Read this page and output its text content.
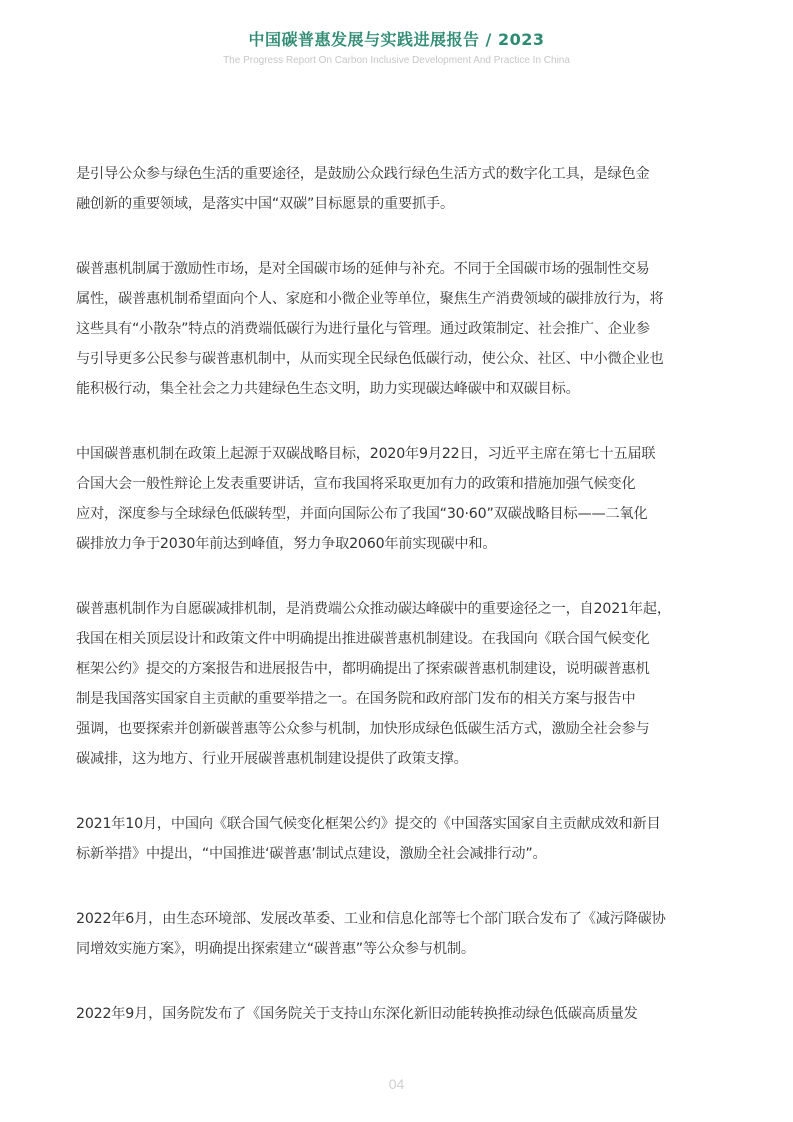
中国碳普惠发展与实践进展报告 / 2023
The Progress Report On Carbon Inclusive Development And Practice In China

是引导公众参与绿色生活的重要途径，是鼓励公众践行绿色生活方式的数字化工具，是绿色金
融创新的重要领域，是落实中国“双碳”目标愿景的重要抓手。

碳普惠机制属于激励性市场，是对全国碳市场的延伸与补充。不同于全国碳市场的强制性交易
属性，碳普惠机制希望面向个人、家庭和小微企业等单位，聚焦生产消费领域的碳排放行为，将
这些具有“小散杂”特点的消费端低碳行为进行量化与管理。通过政策制定、社会推广、企业参
与引导更多公民参与碳普惠机制中，从而实现全民绿色低碳行动，使公众、社区、中小微企业也
能积极行动，集全社会之力共建绿色生态文明，助力实现碳达峰碳中和双碳目标。

中国碳普惠机制在政策上起源于双碳战略目标，2020年9月22日，习近平主席在第七十五届联
合国大会一般性辩论上发表重要讲话，宣布我国将采取更加有力的政策和措施加强气候变化
应对，深度参与全球绿色低碳转型，并面向国际公布了我国“30·60”双碳战略目标——二氧化
碳排放力争于2030年前达到峰值，努力争取2060年前实现碳中和。

碳普惠机制作为自愿碳减排机制，是消费端公众推动碳达峰碳中的重要途径之一，自2021年起，
我国在相关顶层设计和政策文件中明确提出推进碳普惠机制建设。在我国向《联合国气候变化
框架公约》提交的方案报告和进展报告中，都明确提出了探索碳普惠机制建设，说明碳普惠机
制是我国落实国家自主贡献的重要举措之一。在国务院和政府部门发布的相关方案与报告中
强调，也要探索并创新碳普惠等公众参与机制，加快形成绿色低碳生活方式，激励全社会参与
碳减排，这为地方、行业开展碳普惠机制建设提供了政策支撑。

2021年10月，中国向《联合国气候变化框架公约》提交的《中国落实国家自主贡献成效和新目
标新举措》中提出，“中国推进‘碳普惠’制试点建设，激励全社会减排行动”。

2022年6月，由生态环境部、发展改革委、工业和信息化部等七个部门联合发布了《减污降碳协
同增效实施方案》，明确提出探索建立“碳普惠”等公众参与机制。

2022年9月，国务院发布了《国务院关于支持山东深化新旧动能转换推动绿色低碳高质量发

04
